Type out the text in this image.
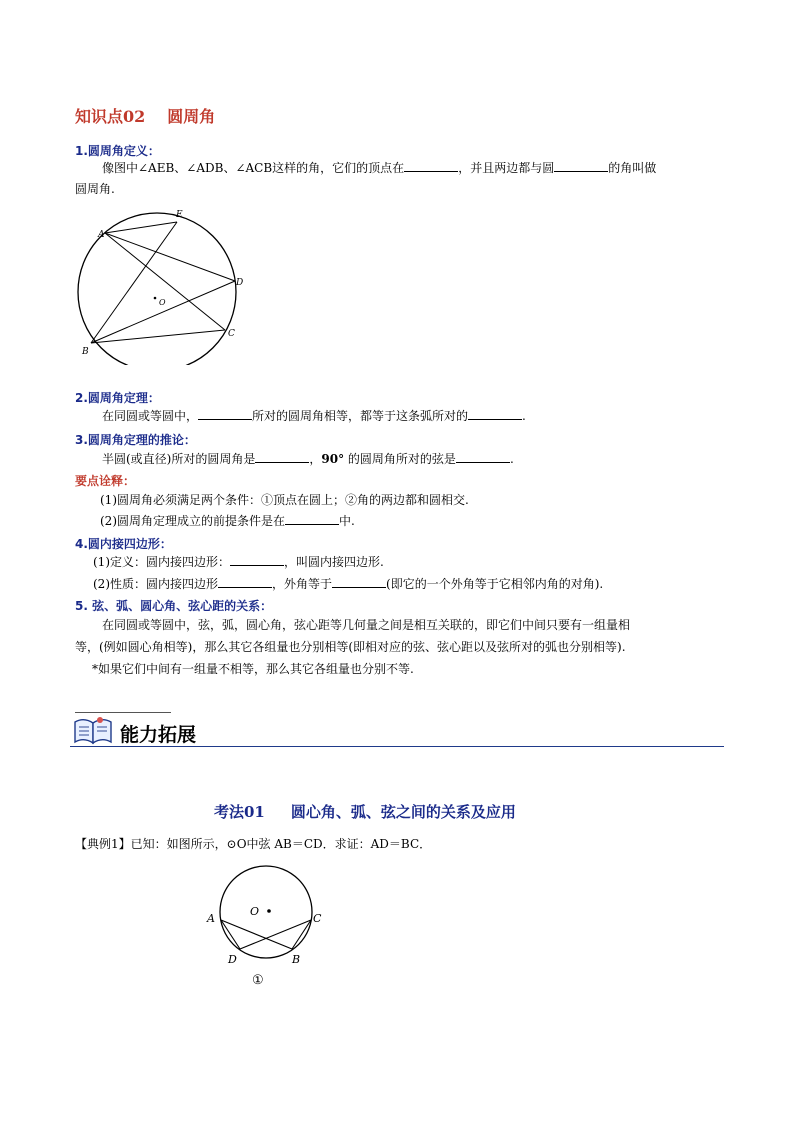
知识点02 圆周角
1.圆周角定义：
像图中∠AEB、∠ADB、∠ACB这样的角，它们的顶点在	，并且两边都与圆	的角叫做
圆周角.
A
E
D
O
C
B
2.圆周角定理：
在同圆或等圆中，	所对的圆周角相等，都等于这条弧所对的	.
3.圆周角定理的推论：
半圆(或直径)所对的圆周角是	，90° 的圆周角所对的弦是	.
要点诠释：
(1)圆周角必须满足两个条件：①顶点在圆上；②角的两边都和圆相交.
(2)圆周角定理成立的前提条件是在	中.
4.圆内接四边形：
(1)定义：圆内接四边形：	，叫圆内接四边形.
(2)性质：圆内接四边形	，外角等于	(即它的一个外角等于它相邻内角的对角).
5. 弦、弧、圆心角、弦心距的关系：
在同圆或等圆中，弦，弧，圆心角，弦心距等几何量之间是相互关联的，即它们中间只要有一组量相
等，(例如圆心角相等)，那么其它各组量也分别相等(即相对应的弦、弦心距以及弦所对的弧也分别相等).
*如果它们中间有一组量不相等，那么其它各组量也分别不等.
能力拓展
考法01 圆心角、弧、弦之间的关系及应用
【典例1】已知：如图所示，⊙O中弦 AB＝CD．求证：AD＝BC．
O
A	C
D	B
①
